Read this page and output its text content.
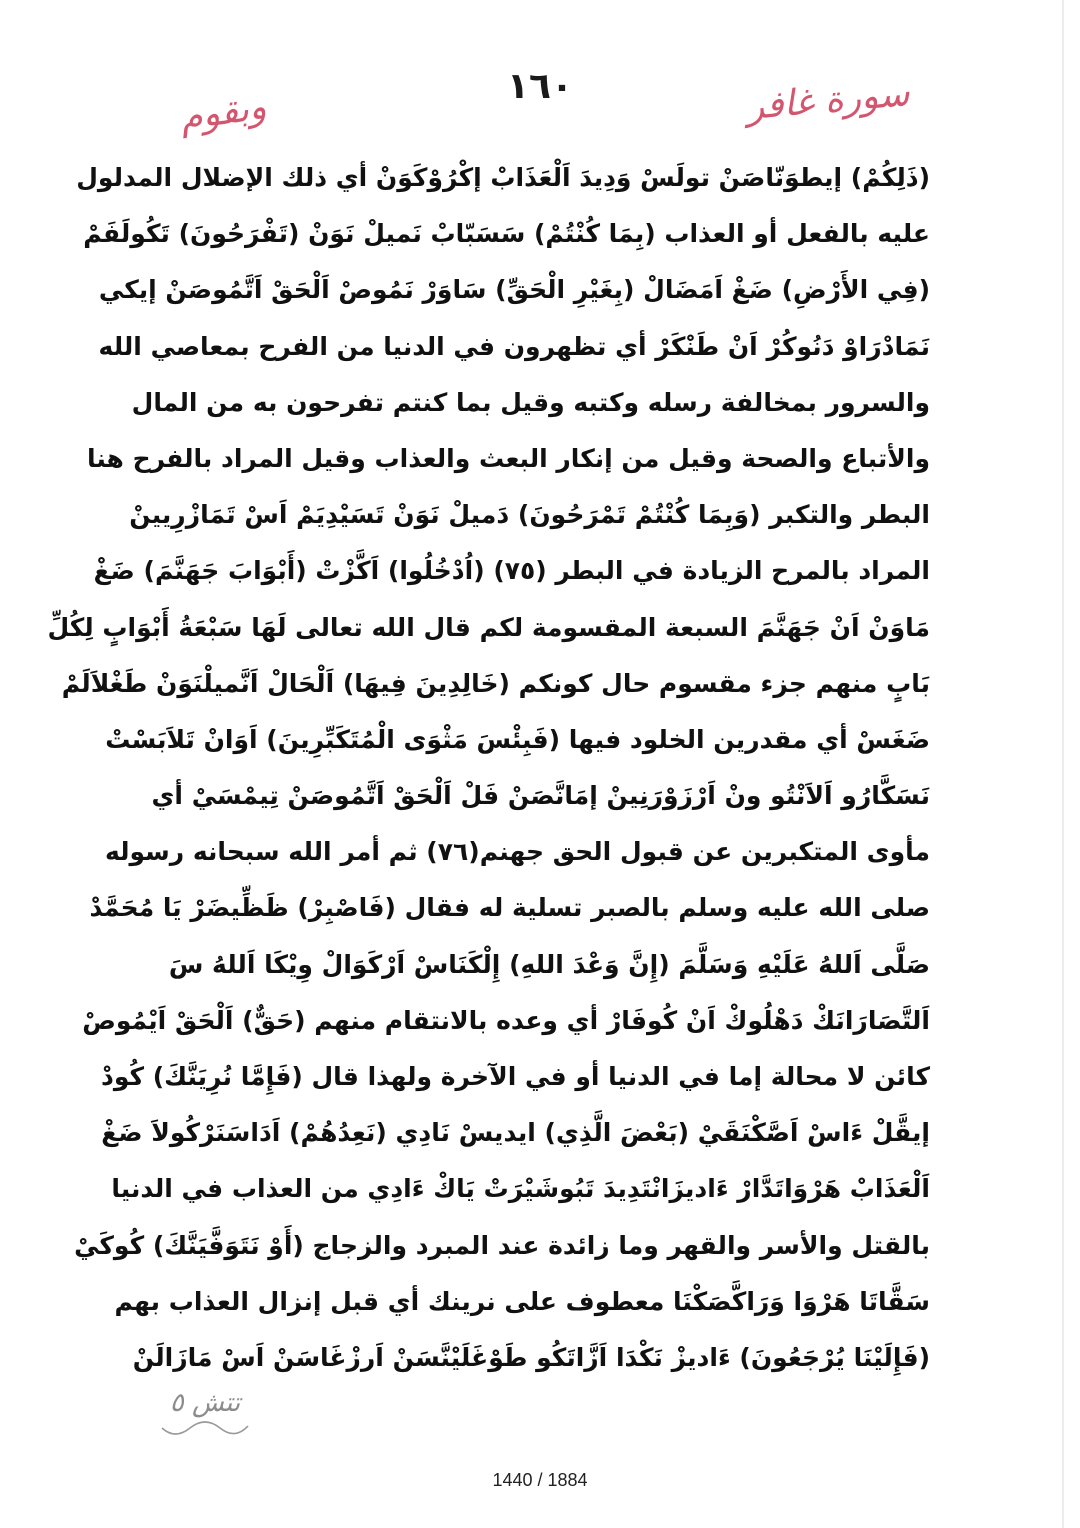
سورة غافر
١٦٠
وبقوم
(ذَلِكُمْ) إيطوَنّاصَنْ تولَسْ وَدِيدَ اَلْعَذَابْ إكْرُوْكَوَنْ أي ذلك الإضلال المدلول
عليه بالفعل أو العذاب (بِمَا كُنْتُمْ) سَسَبّابْ نَميلْ نَوَنْ (تَفْرَحُونَ) تَكُولَفَمْ
(فِي الأَرْضِ) ضَغْ اَمَضَالْ (بِغَيْرِ الْحَقِّ) سَاوَرْ نَمُوصْ اَلْحَقْ اَتَّمُوصَنْ إيكي
نَمَادْرَاوْ دَنُوكُرْ اَنْ طَنْكَرْ أي تظهرون في الدنيا من الفرح بمعاصي الله
والسرور بمخالفة رسله وكتبه وقيل بما كنتم تفرحون به من المال
والأتباع والصحة وقيل من إنكار البعث والعذاب وقيل المراد بالفرح هنا
البطر والتكبر (وَبِمَا كُنْتُمْ تَمْرَحُونَ) دَميلْ نَوَنْ تَسَيْدِيَمْ اَسْ تَمَازْرِيينْ
المراد بالمرح الزيادة في البطر (٧٥) (اُدْخُلُوا) اَكَّزْتْ (أَبْوَابَ جَهَنَّمَ) ضَغْ
مَاوَنْ اَنْ جَهَنَّمَ السبعة المقسومة لكم قال الله تعالى لَهَا سَبْعَةُ أَبْوَابٍ لِكُلِّ
بَابٍ منهم جزء مقسوم حال كونكم (خَالِدِينَ فِيهَا) اَلْحَالْ اَنَّميلْنَوَنْ طَغْلاَلَمْ
ضَغَسْ أي مقدرين الخلود فيها (فَبِئْسَ مَثْوَى الْمُتَكَبِّرِينَ) اَوَانْ تَلاَبَسْتْ
نَسَكَّارُو اَلاَنْتُو ونْ اَرْزَوْرَنِينْ إمَانَّصَنْ فَلْ اَلْحَقْ اَتَّمُوصَنْ تِيمْسَيْ أي
مأوى المتكبرين عن قبول الحق جهنم(٧٦) ثم أمر الله سبحانه رسوله
صلى الله عليه وسلم بالصبر تسلية له فقال (فَاصْبِرْ) ظَظِّيضَرْ يَا مُحَمَّدْ
صَلَّى اَللهُ عَلَيْهِ وَسَلَّمَ (إِنَّ وَعْدَ اللهِ) إِلْكَنَاسْ اَرْكَوَالْ وِيْكَا اَللهُ سَ
اَلتَّصَارَانَكْ دَهْلُوكْ اَنْ كُوفَارْ أي وعده بالانتقام منهم (حَقٌّ) اَلْحَقْ اَيْمُوصْ
كائن لا محالة إما في الدنيا أو في الآخرة ولهذا قال (فَإِمَّا نُرِيَنَّكَ) كُودْ
إيقَّلْ ءَاسْ اَصَّكْنَقَيْ (بَعْضَ الَّذِي) ايديسْ نَادِي (نَعِدُهُمْ) اَدَاسَنَرْكُولاَ ضَغْ
اَلْعَذَابْ هَرْوَاتَدَّارْ ءَاديزَانْتَدِيدَ تَبُوشَيْرَتْ يَاكْ ءَادِي من العذاب في الدنيا
بالقتل والأسر والقهر وما زائدة عند المبرد والزجاج (أَوْ نَتَوَفَّيَنَّكَ) كُوكَيْ
سَقَّاتَا هَرْوَا وَرَاكَّصَكْنَا معطوف على نرينك أي قبل إنزال العذاب بهم
(فَإِلَيْنَا يُرْجَعُونَ) ءَاديزْ نَكْدَا اَزَّاتَكُو طَوْغَلَيْنَّسَنْ اَرزْغَاسَنْ اَسْ مَازَالَنْ
تتش ٥
1440 / 1884
